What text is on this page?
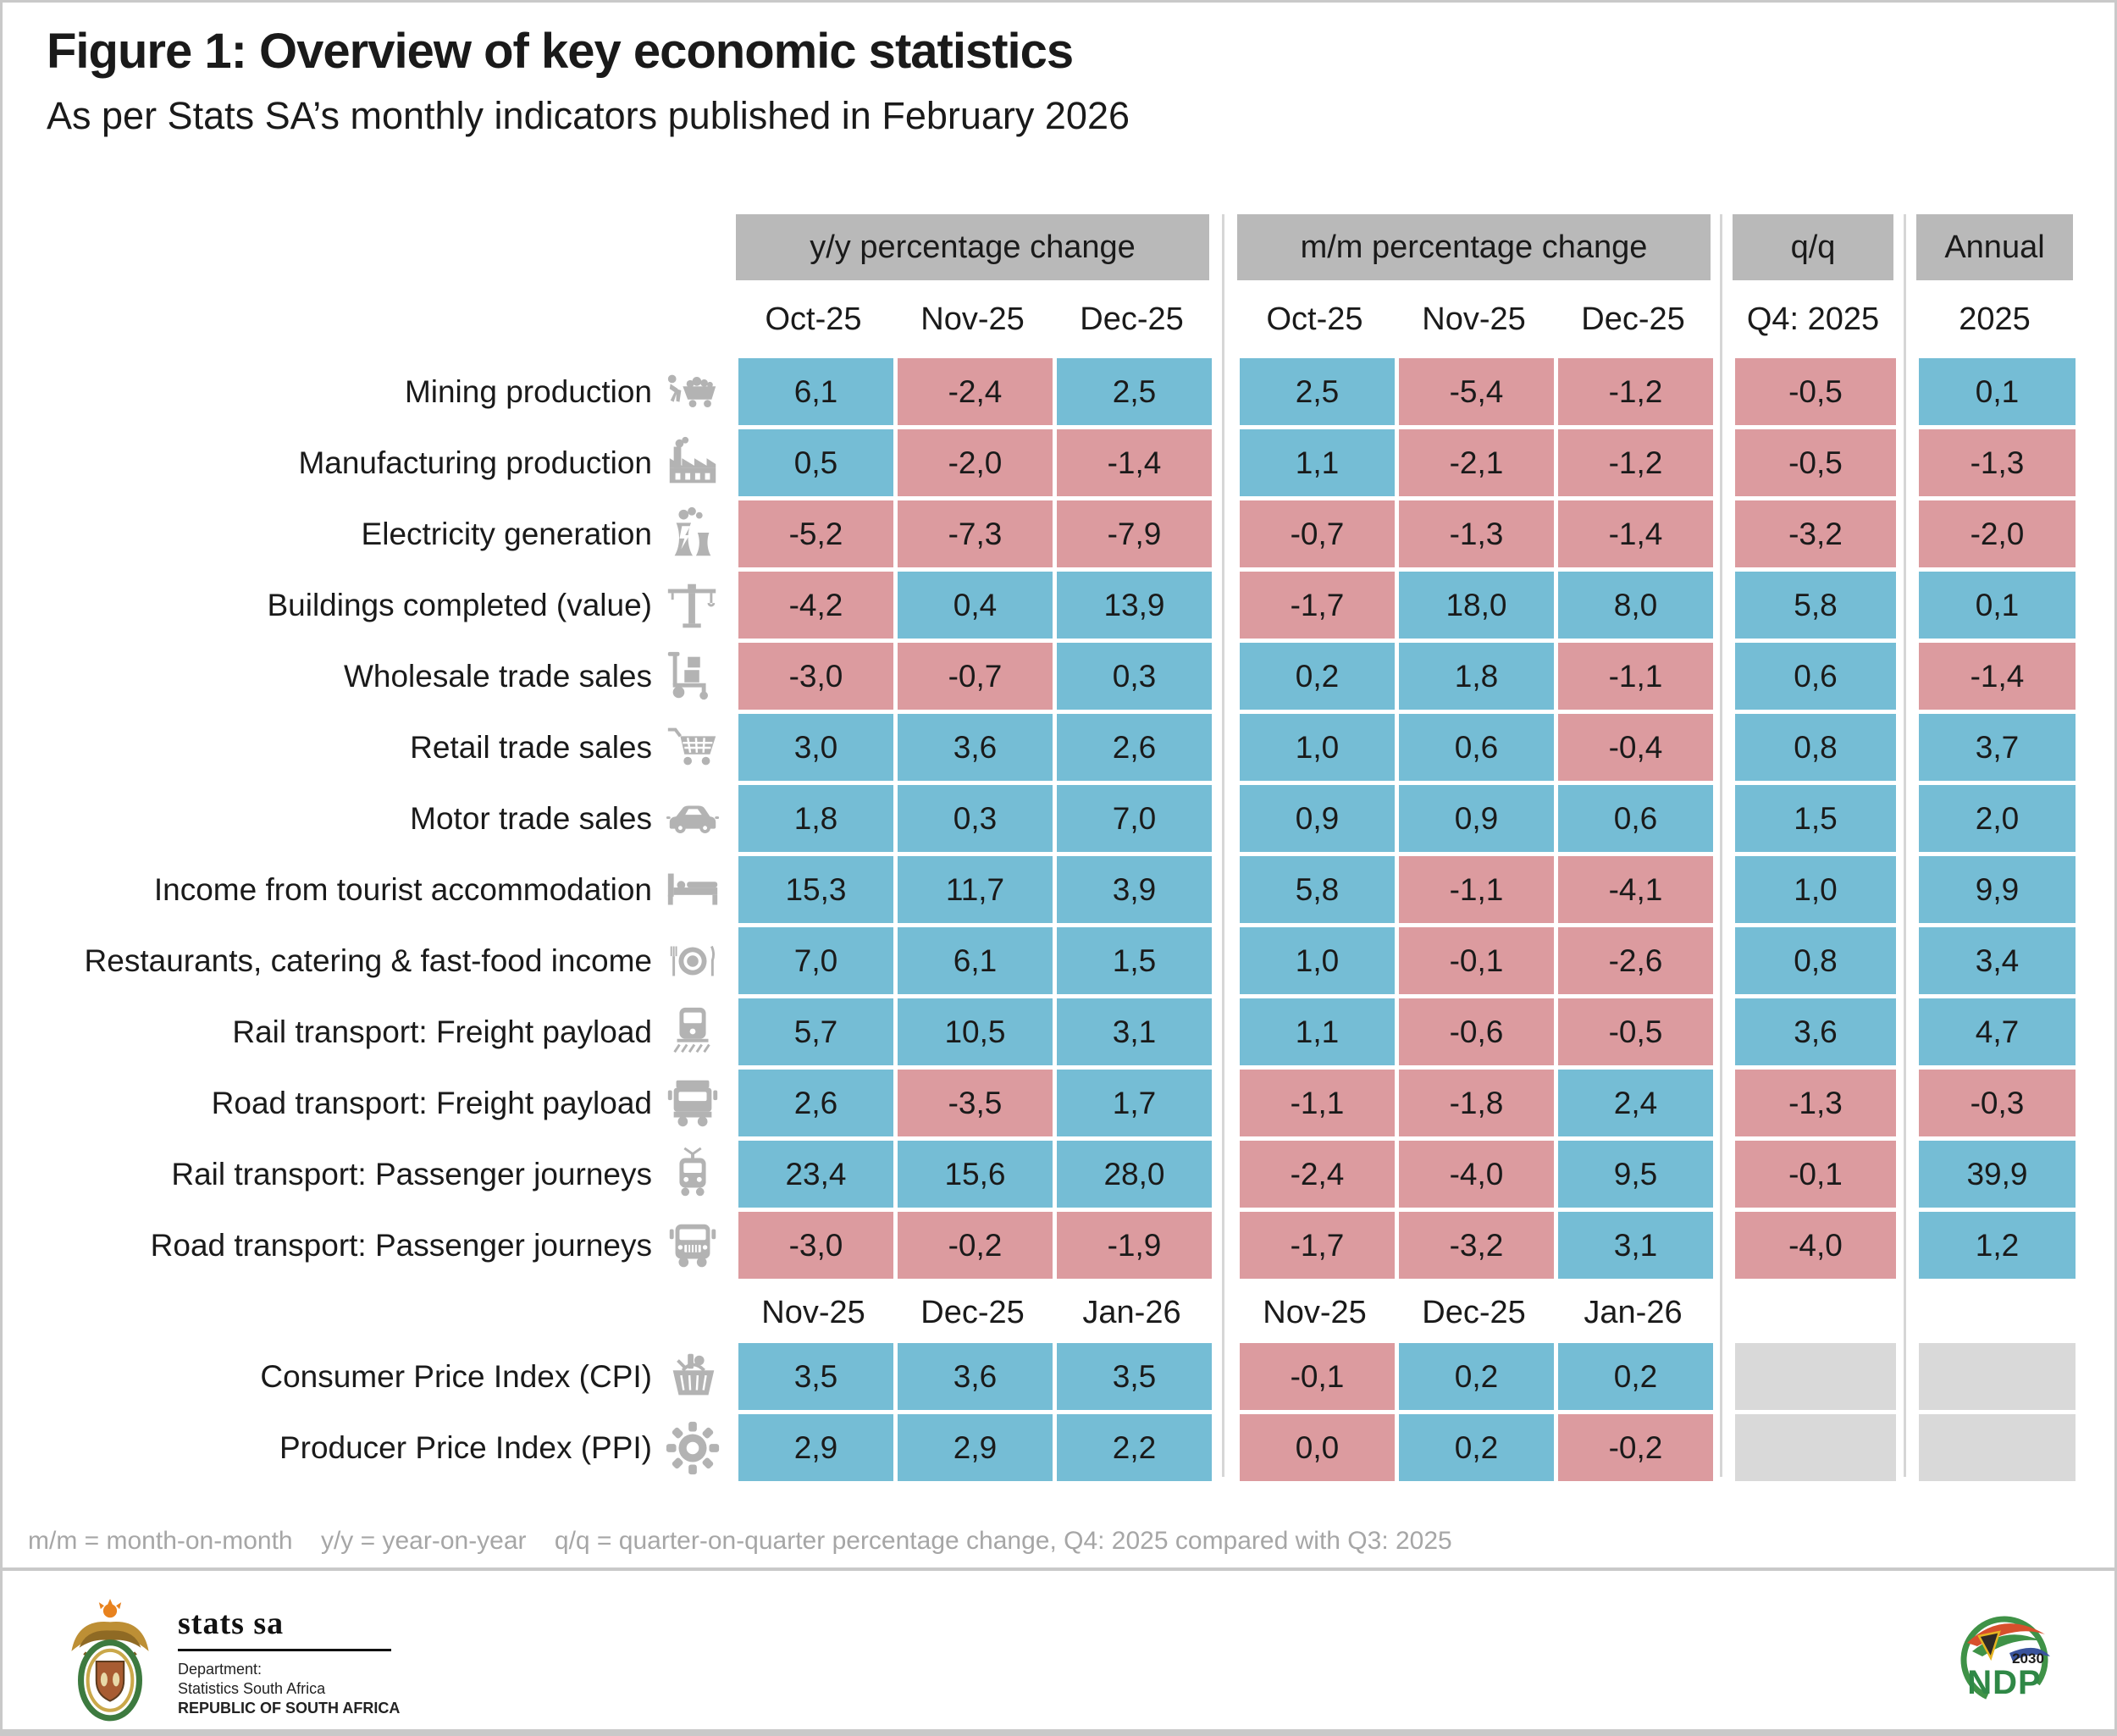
Figure 1: Overview of key economic statistics
As per Stats SA’s monthly indicators published in February 2026
y/y percentage change	m/m percentage change	q/q	Annual
Oct-25	Nov-25	Dec-25	Oct-25	Nov-25	Dec-25	Q4: 2025	2025
Mining production	6,1	-2,4	2,5	2,5	-5,4	-1,2	-0,5	0,1
Manufacturing production	0,5	-2,0	-1,4	1,1	-2,1	-1,2	-0,5	-1,3
Electricity generation	-5,2	-7,3	-7,9	-0,7	-1,3	-1,4	-3,2	-2,0
Buildings completed (value)	-4,2	0,4	13,9	-1,7	18,0	8,0	5,8	0,1
Wholesale trade sales	-3,0	-0,7	0,3	0,2	1,8	-1,1	0,6	-1,4
Retail trade sales	3,0	3,6	2,6	1,0	0,6	-0,4	0,8	3,7
Motor trade sales	1,8	0,3	7,0	0,9	0,9	0,6	1,5	2,0
Income from tourist accommodation	15,3	11,7	3,9	5,8	-1,1	-4,1	1,0	9,9
Restaurants, catering & fast-food income	7,0	6,1	1,5	1,0	-0,1	-2,6	0,8	3,4
Rail transport: Freight payload	5,7	10,5	3,1	1,1	-0,6	-0,5	3,6	4,7
Road transport: Freight payload	2,6	-3,5	1,7	-1,1	-1,8	2,4	-1,3	-0,3
Rail transport: Passenger journeys	23,4	15,6	28,0	-2,4	-4,0	9,5	-0,1	39,9
Road transport: Passenger journeys	-3,0	-0,2	-1,9	-1,7	-3,2	3,1	-4,0	1,2
Nov-25	Dec-25	Jan-26	Nov-25	Dec-25	Jan-26
Consumer Price Index (CPI)	3,5	3,6	3,5	-0,1	0,2	0,2
Producer Price Index (PPI)	2,9	2,9	2,2	0,0	0,2	-0,2
m/m = month-on-month    y/y = year-on-year    q/q = quarter-on-quarter percentage change, Q4: 2025 compared with Q3: 2025
stats sa
Department:
Statistics South Africa
REPUBLIC OF SOUTH AFRICA
2030
NDP
